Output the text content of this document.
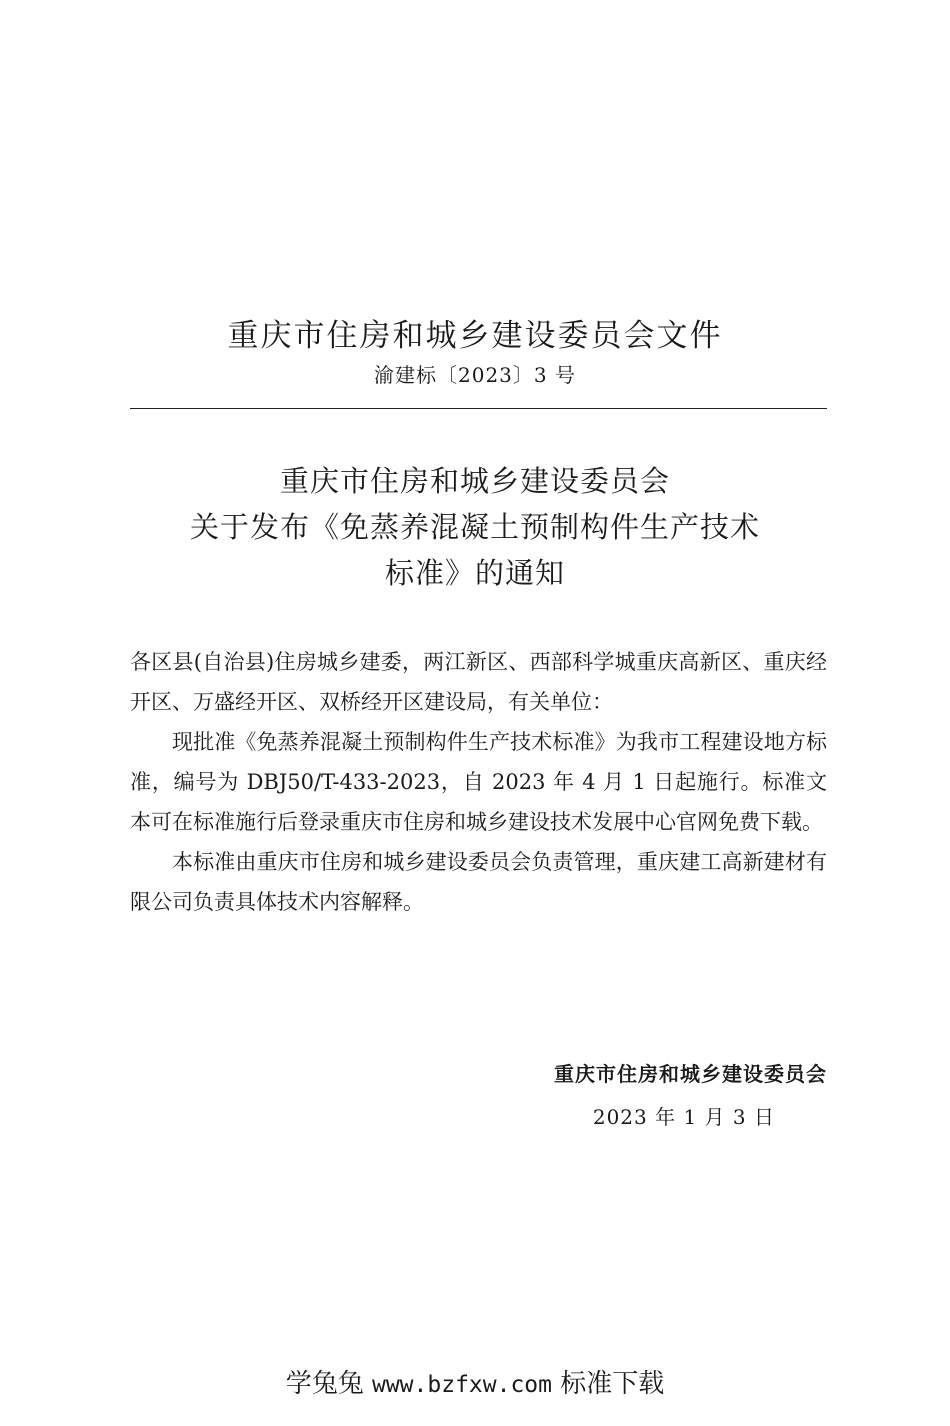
重庆市住房和城乡建设委员会文件
渝建标〔2023〕3 号
重庆市住房和城乡建设委员会
关于发布《免蒸养混凝土预制构件生产技术
标准》的通知

各区县(自治县)住房城乡建委，两江新区、西部科学城重庆高新区、重庆经开区、万盛经开区、双桥经开区建设局，有关单位：

现批准《免蒸养混凝土预制构件生产技术标准》为我市工程建设地方标准，编号为 DBJ50/T-433-2023，自 2023 年 4 月 1 日起施行。标准文本可在标准施行后登录重庆市住房和城乡建设技术发展中心官网免费下载。

本标准由重庆市住房和城乡建设委员会负责管理，重庆建工高新建材有限公司负责具体技术内容解释。

重庆市住房和城乡建设委员会
2023 年 1 月 3 日
学兔兔 www.bzfxw.com 标准下载
